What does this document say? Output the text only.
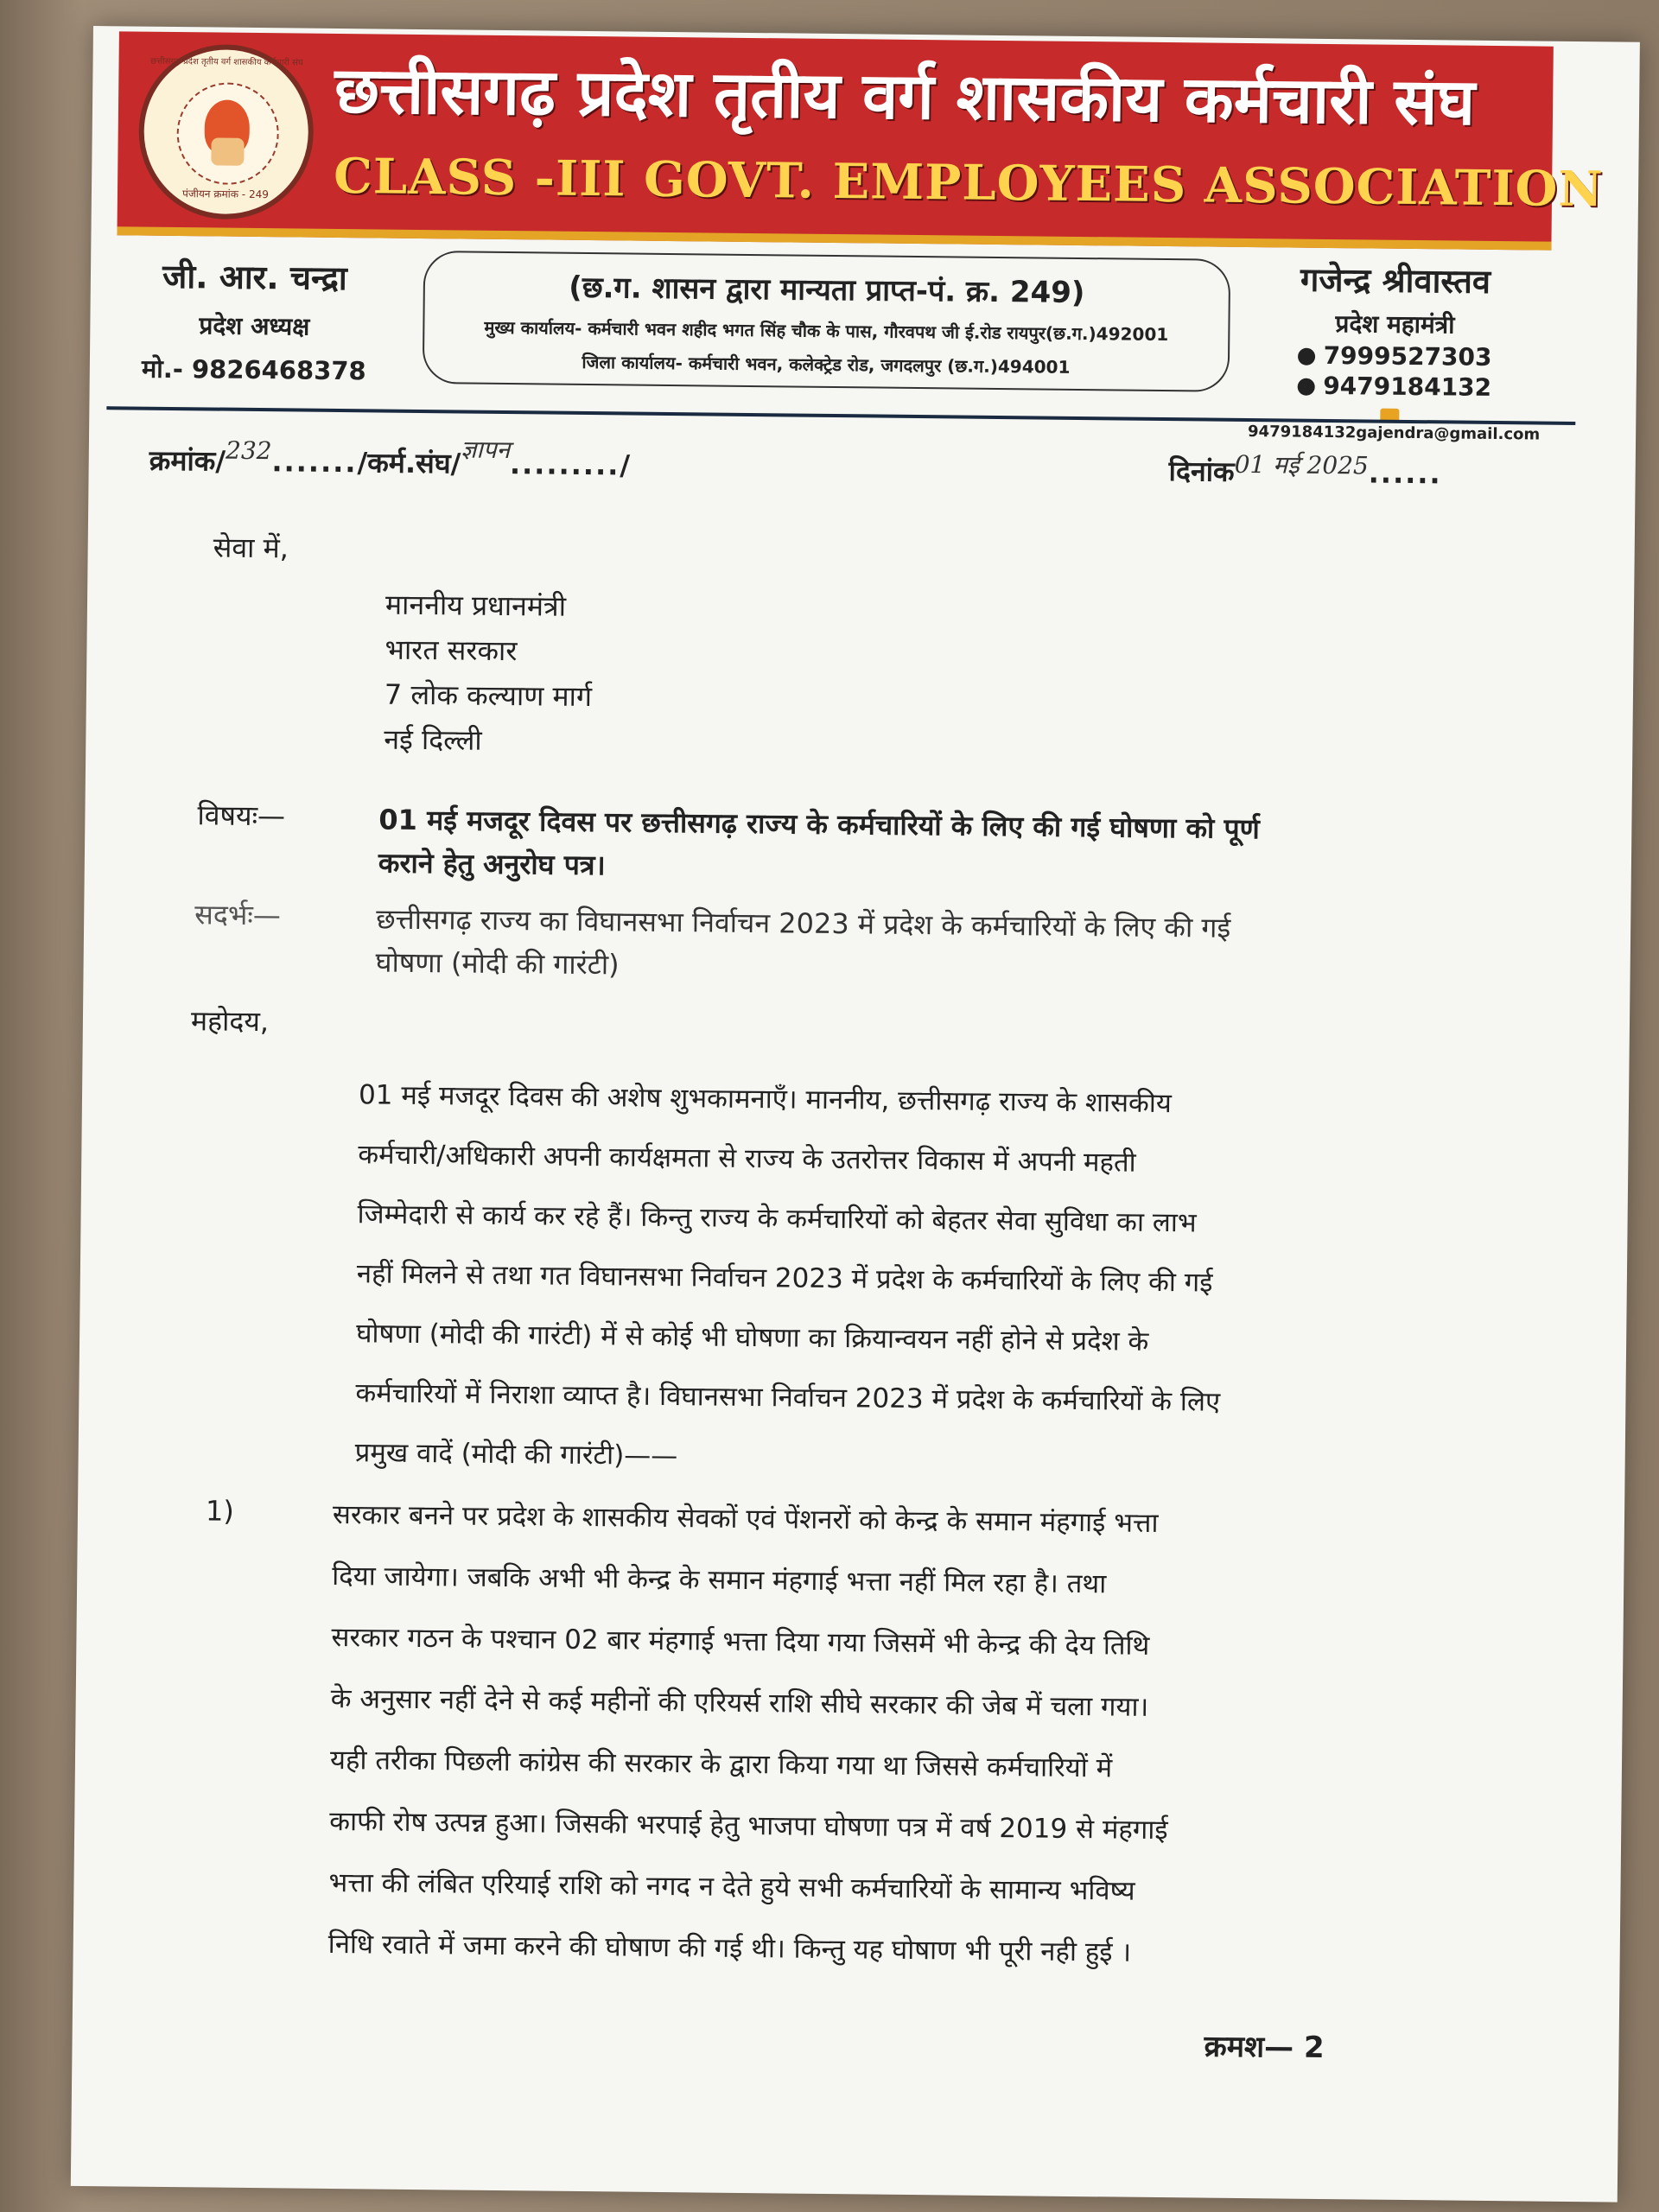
छत्तीसगढ़ प्रदेश तृतीय वर्ग शासकीय कर्मचारी संघ
पंजीयन क्रमांक - 249
छत्तीसगढ़ प्रदेश तृतीय वर्ग शासकीय कर्मचारी संघ
CLASS -III GOVT. EMPLOYEES ASSOCIATION
जी. आर. चन्द्रा
प्रदेश अध्यक्ष
मो.- 9826468378
(छ.ग. शासन द्वारा मान्यता प्राप्त-पं. क्र. 249)
मुख्य कार्यालय- कर्मचारी भवन शहीद भगत सिंह चौक के पास, गौरवपथ जी ई.रोड रायपुर(छ.ग.)492001
जिला कार्यालय- कर्मचारी भवन, कलेक्ट्रेड रोड, जगदलपुर (छ.ग.)494001
गजेन्द्र श्रीवास्तव
प्रदेश महामंत्री
7999527303
9479184132
9479184132gajendra@gmail.com
क्रमांक/232......./कर्म.संघ/ज्ञापन........./	दिनांक01 मई 2025......
सेवा में,
माननीय प्रधानमंत्री
भारत सरकार
7 लोक कल्याण मार्ग
नई दिल्ली
विषयः—	01 मई मजदूर दिवस पर छत्तीसगढ़ राज्य के कर्मचारियों के लिए की गई घोषणा को पूर्ण
कराने हेतु अनुरोघ पत्र।
सदर्भः—	छत्तीसगढ़ राज्य का विघानसभा निर्वाचन 2023 में प्रदेश के कर्मचारियों के लिए की गई
घोषणा (मोदी की गारंटी)
महोदय,
01 मई मजदूर दिवस की अशेष शुभकामनाएँ। माननीय, छत्तीसगढ़ राज्य के शासकीय
कर्मचारी/अधिकारी अपनी कार्यक्षमता से राज्य के उतरोत्तर विकास में अपनी महती
जिम्मेदारी से कार्य कर रहे हैं। किन्तु राज्य के कर्मचारियों को बेहतर सेवा सुविधा का लाभ
नहीं मिलने से तथा गत विघानसभा निर्वाचन 2023 में प्रदेश के कर्मचारियों के लिए की गई
घोषणा (मोदी की गारंटी) में से कोई भी घोषणा का क्रियान्वयन नहीं होने से प्रदेश के
कर्मचारियों में निराशा व्याप्त है। विघानसभा निर्वाचन 2023 में प्रदेश के कर्मचारियों के लिए
प्रमुख वादें (मोदी की गारंटी)——
1)	सरकार बनने पर प्रदेश के शासकीय सेवकों एवं पेंशनरों को केन्द्र के समान मंहगाई भत्ता
दिया जायेगा। जबकि अभी भी केन्द्र के समान मंहगाई भत्ता नहीं मिल रहा है। तथा
सरकार गठन के पश्चान 02 बार मंहगाई भत्ता दिया गया जिसमें भी केन्द्र की देय तिथि
के अनुसार नहीं देने से कई महीनों की एरियर्स राशि सीघे सरकार की जेब में चला गया।
यही तरीका पिछली कांग्रेस की सरकार के द्वारा किया गया था जिससे कर्मचारियों में
काफी रोष उत्पन्न हुआ। जिसकी भरपाई हेतु भाजपा घोषणा पत्र में वर्ष 2019 से मंहगाई
भत्ता की लंबित एरियाई राशि को नगद न देते हुये सभी कर्मचारियों के सामान्य भविष्य
निधि रवाते में जमा करने की घोषाण की गई थी। किन्तु यह घोषाण भी पूरी नही हुई ।
क्रमश— 2
